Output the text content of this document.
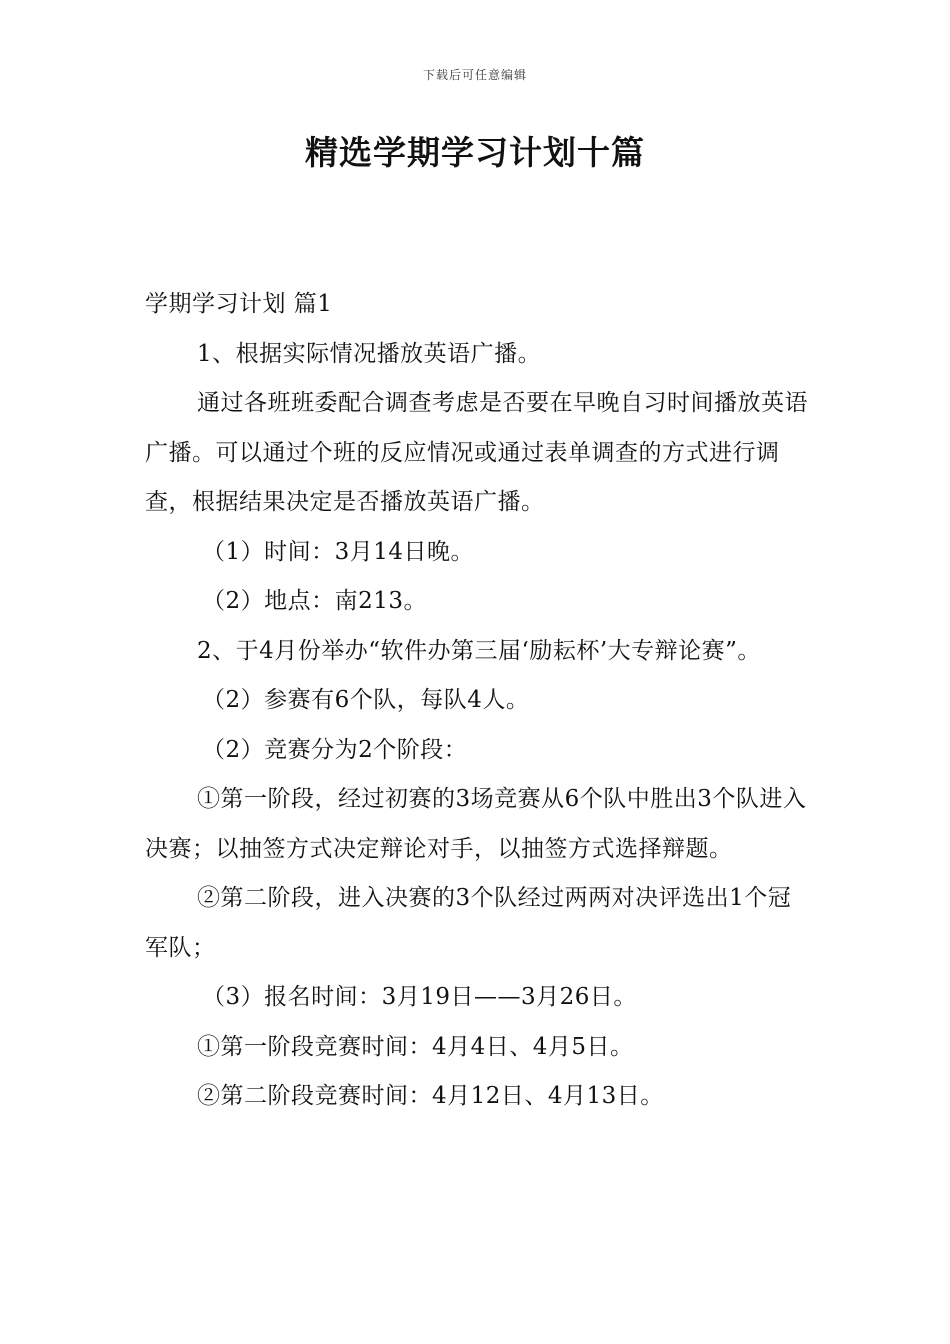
下载后可任意编辑
精选学期学习计划十篇

学期学习计划 篇1

1、根据实际情况播放英语广播。

通过各班班委配合调查考虑是否要在早晚自习时间播放英语广播。可以通过个班的反应情况或通过表单调查的方式进行调查，根据结果决定是否播放英语广播。

（1）时间：3月14日晚。

（2）地点：南213。

2、于4月份举办“软件办第三届‘励耘杯’大专辩论赛”。

（2）参赛有6个队，每队4人。

（2）竞赛分为2个阶段：

①第一阶段，经过初赛的3场竞赛从6个队中胜出3个队进入决赛；以抽签方式决定辩论对手，以抽签方式选择辩题。

②第二阶段，进入决赛的3个队经过两两对决评选出1个冠军队；

（3）报名时间：3月19日——3月26日。

①第一阶段竞赛时间：4月4日、4月5日。

②第二阶段竞赛时间：4月12日、4月13日。
